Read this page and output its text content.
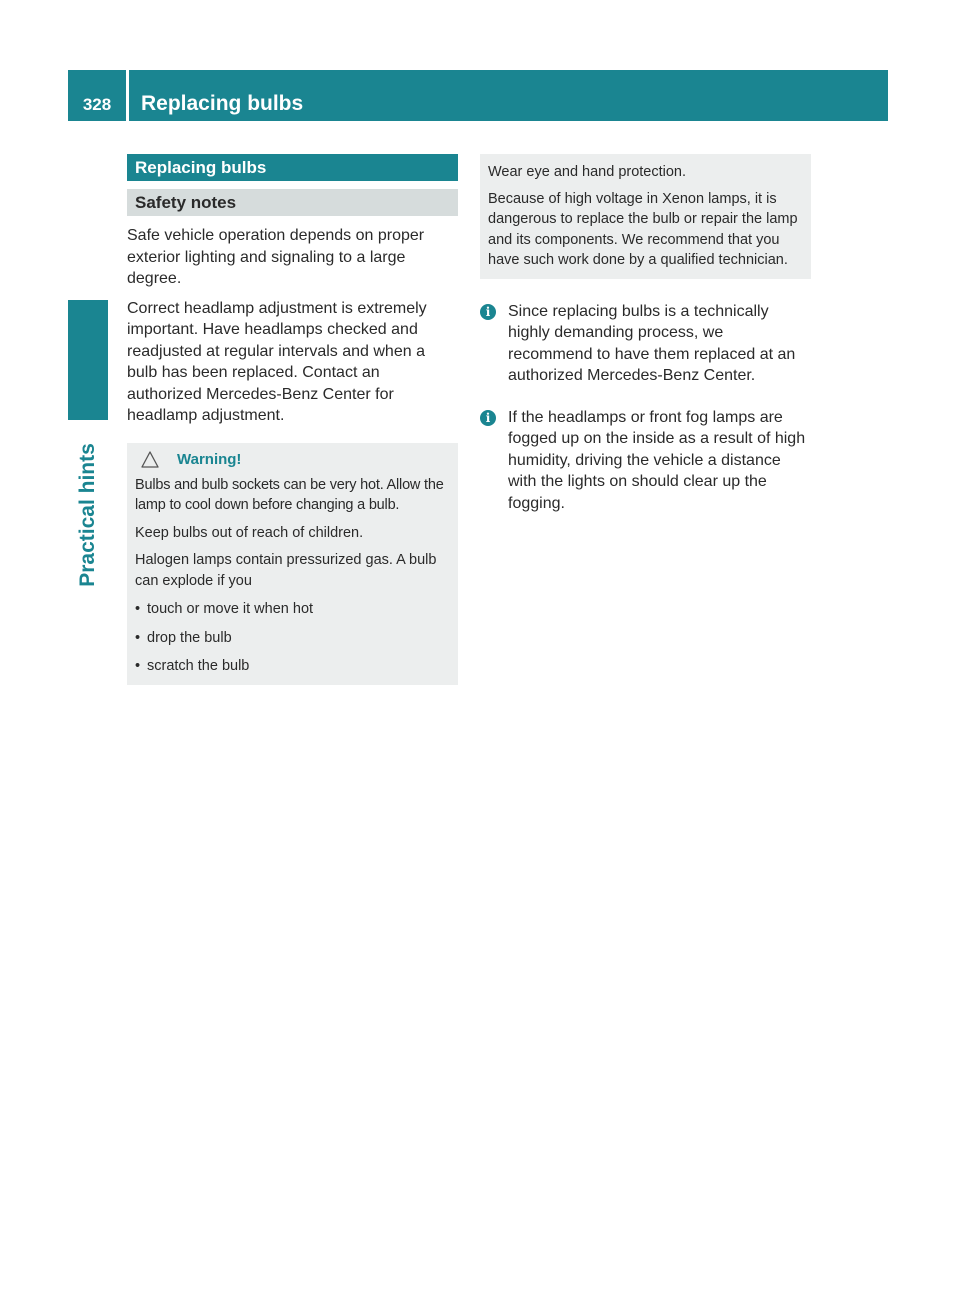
328	Replacing bulbs
Practical hints
Replacing bulbs
Safety notes

Safe vehicle operation depends on proper exterior lighting and signaling to a large degree.

Correct headlamp adjustment is extremely important. Have headlamps checked and readjusted at regular intervals and when a bulb has been replaced. Contact an authorized Mercedes-Benz Center for headlamp adjustment.

Warning!

Bulbs and bulb sockets can be very hot. Allow the lamp to cool down before changing a bulb.

Keep bulbs out of reach of children.

Halogen lamps contain pressurized gas. A bulb can explode if you

• touch or move it when hot
• drop the bulb
• scratch the bulb

Wear eye and hand protection.

Because of high voltage in Xenon lamps, it is dangerous to replace the bulb or repair the lamp and its components. We recommend that you have such work done by a qualified technician.

i	Since replacing bulbs is a technically highly demanding process, we recommend to have them replaced at an authorized Mercedes-Benz Center.
i	If the headlamps or front fog lamps are fogged up on the inside as a result of high humidity, driving the vehicle a distance with the lights on should clear up the fogging.
